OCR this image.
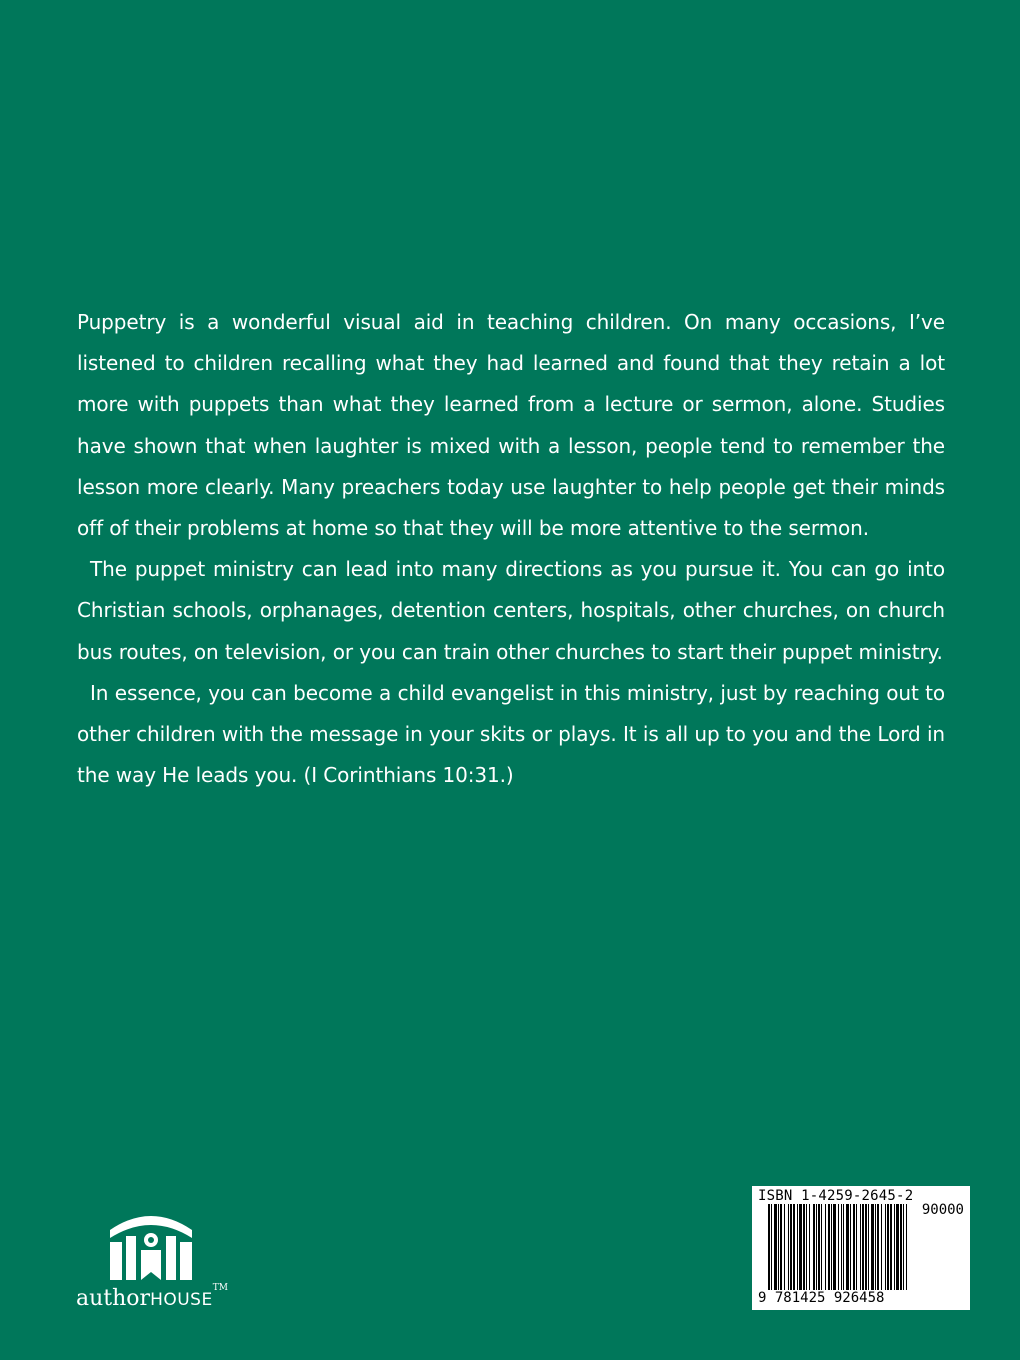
Puppetry is a wonderful visual aid in teaching children. On many occasions, I’ve listened to children recalling what they had learned and found that they retain a lot more with puppets than what they learned from a lecture or sermon, alone. Studies have shown that when laughter is mixed with a lesson, people tend to remember the lesson more clearly. Many preachers today use laughter to help people get their minds off of their problems at home so that they will be more attentive to the sermon.

The puppet ministry can lead into many directions as you pursue it. You can go into Christian schools, orphanages, detention centers, hospitals, other churches, on church bus routes, on television, or you can train other churches to start their puppet ministry.

In essence, you can become a child evangelist in this ministry, just by reaching out to other children with the message in your skits or plays. It is all up to you and the Lord in the way He leads you. (I Corinthians 10:31.)

authorHOUSE™
ISBN 1-4259-2645-2
90000
9 781425 926458
